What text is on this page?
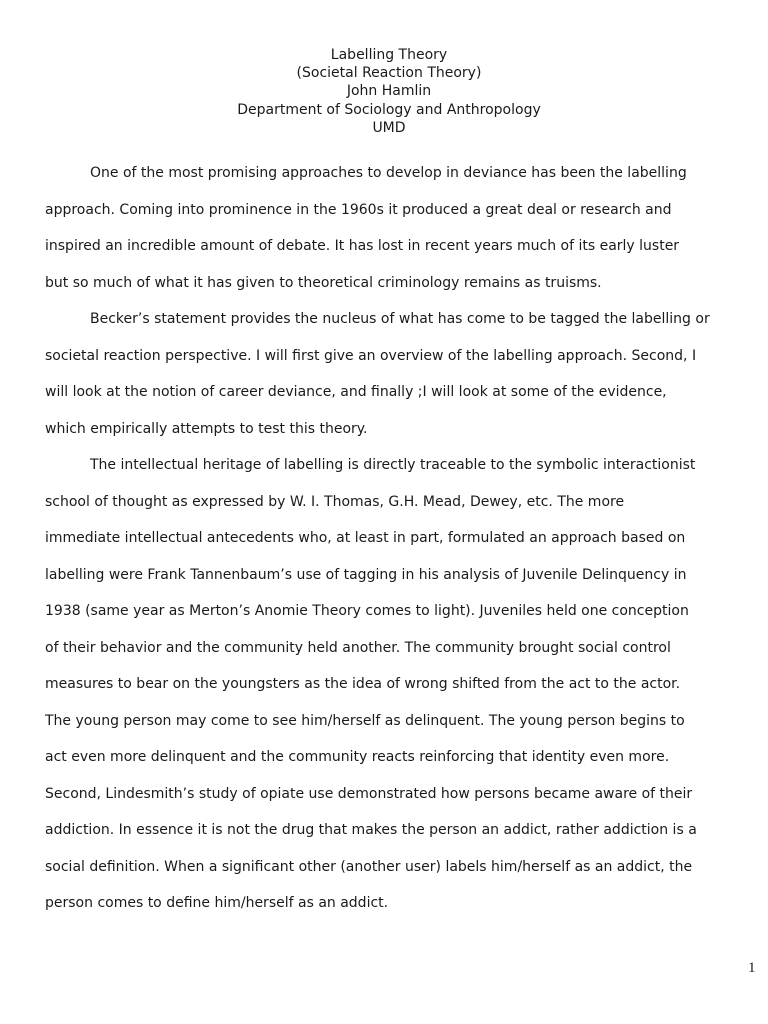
Labelling Theory
(Societal Reaction Theory)
John Hamlin
Department of Sociology and Anthropology
UMD
One of the most promising approaches to develop in deviance has been the labelling
approach. Coming into prominence in the 1960s it produced a great deal or research and
inspired an incredible amount of debate. It has lost in recent years much of its early luster
but so much of what it has given to theoretical criminology remains as truisms.
Becker’s statement provides the nucleus of what has come to be tagged the labelling or
societal reaction perspective. I will first give an overview of the labelling approach. Second, I
will look at the notion of career deviance, and finally ;I will look at some of the evidence,
which empirically attempts to test this theory.
The intellectual heritage of labelling is directly traceable to the symbolic interactionist
school of thought as expressed by W. I. Thomas, G.H. Mead, Dewey, etc. The more
immediate intellectual antecedents who, at least in part, formulated an approach based on
labelling were Frank Tannenbaum’s use of tagging in his analysis of Juvenile Delinquency in
1938 (same year as Merton’s Anomie Theory comes to light). Juveniles held one conception
of their behavior and the community held another. The community brought social control
measures to bear on the youngsters as the idea of wrong shifted from the act to the actor.
The young person may come to see him/herself as delinquent. The young person begins to
act even more delinquent and the community reacts reinforcing that identity even more.
Second, Lindesmith’s study of opiate use demonstrated how persons became aware of their
addiction. In essence it is not the drug that makes the person an addict, rather addiction is a
social definition. When a significant other (another user) labels him/herself as an addict, the
person comes to define him/herself as an addict.
1
